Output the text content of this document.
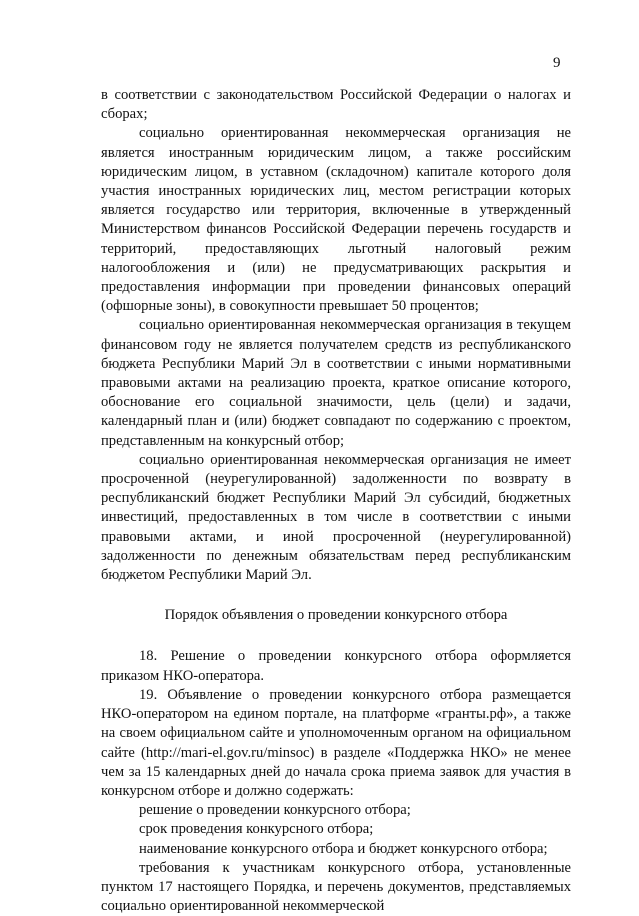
9

в соответствии с законодательством Российской Федерации о налогах и сборах;

социально ориентированная некоммерческая организация не является иностранным юридическим лицом, а также российским юридическим лицом, в уставном (складочном) капитале которого доля участия иностранных юридических лиц, местом регистрации которых является государство или территория, включенные в утвержденный Министерством финансов Российской Федерации перечень государств и территорий, предоставляющих льготный налоговый режим налогообложения и (или) не предусматривающих раскрытия и предоставления информации при проведении финансовых операций (офшорные зоны), в совокупности превышает 50 процентов;

социально ориентированная некоммерческая организация в текущем финансовом году не является получателем средств из республиканского бюджета Республики Марий Эл в соответствии с иными нормативными правовыми актами на реализацию проекта, краткое описание которого, обоснование его социальной значимости, цель (цели) и задачи, календарный план и (или) бюджет совпадают по содержанию с проектом, представленным на конкурсный отбор;

социально ориентированная некоммерческая организация не имеет просроченной (неурегулированной) задолженности по возврату в республиканский бюджет Республики Марий Эл субсидий, бюджетных инвестиций, предоставленных в том числе в соответствии с иными правовыми актами, и иной просроченной (неурегулированной) задолженности по денежным обязательствам перед республиканским бюджетом Республики Марий Эл.

Порядок объявления о проведении конкурсного отбора

18. Решение о проведении конкурсного отбора оформляется приказом НКО-оператора.

19. Объявление о проведении конкурсного отбора размещается НКО-оператором на едином портале, на платформе «гранты.рф», а также на своем официальном сайте и уполномоченным органом на официальном сайте (http://mari-el.gov.ru/minsoc) в разделе «Поддержка НКО» не менее чем за 15 календарных дней до начала срока приема заявок для участия в конкурсном отборе и должно содержать:

решение о проведении конкурсного отбора;

срок проведения конкурсного отбора;

наименование конкурсного отбора и бюджет конкурсного отбора;

требования к участникам конкурсного отбора, установленные пунктом 17 настоящего Порядка, и перечень документов, представляемых социально ориентированной некоммерческой
